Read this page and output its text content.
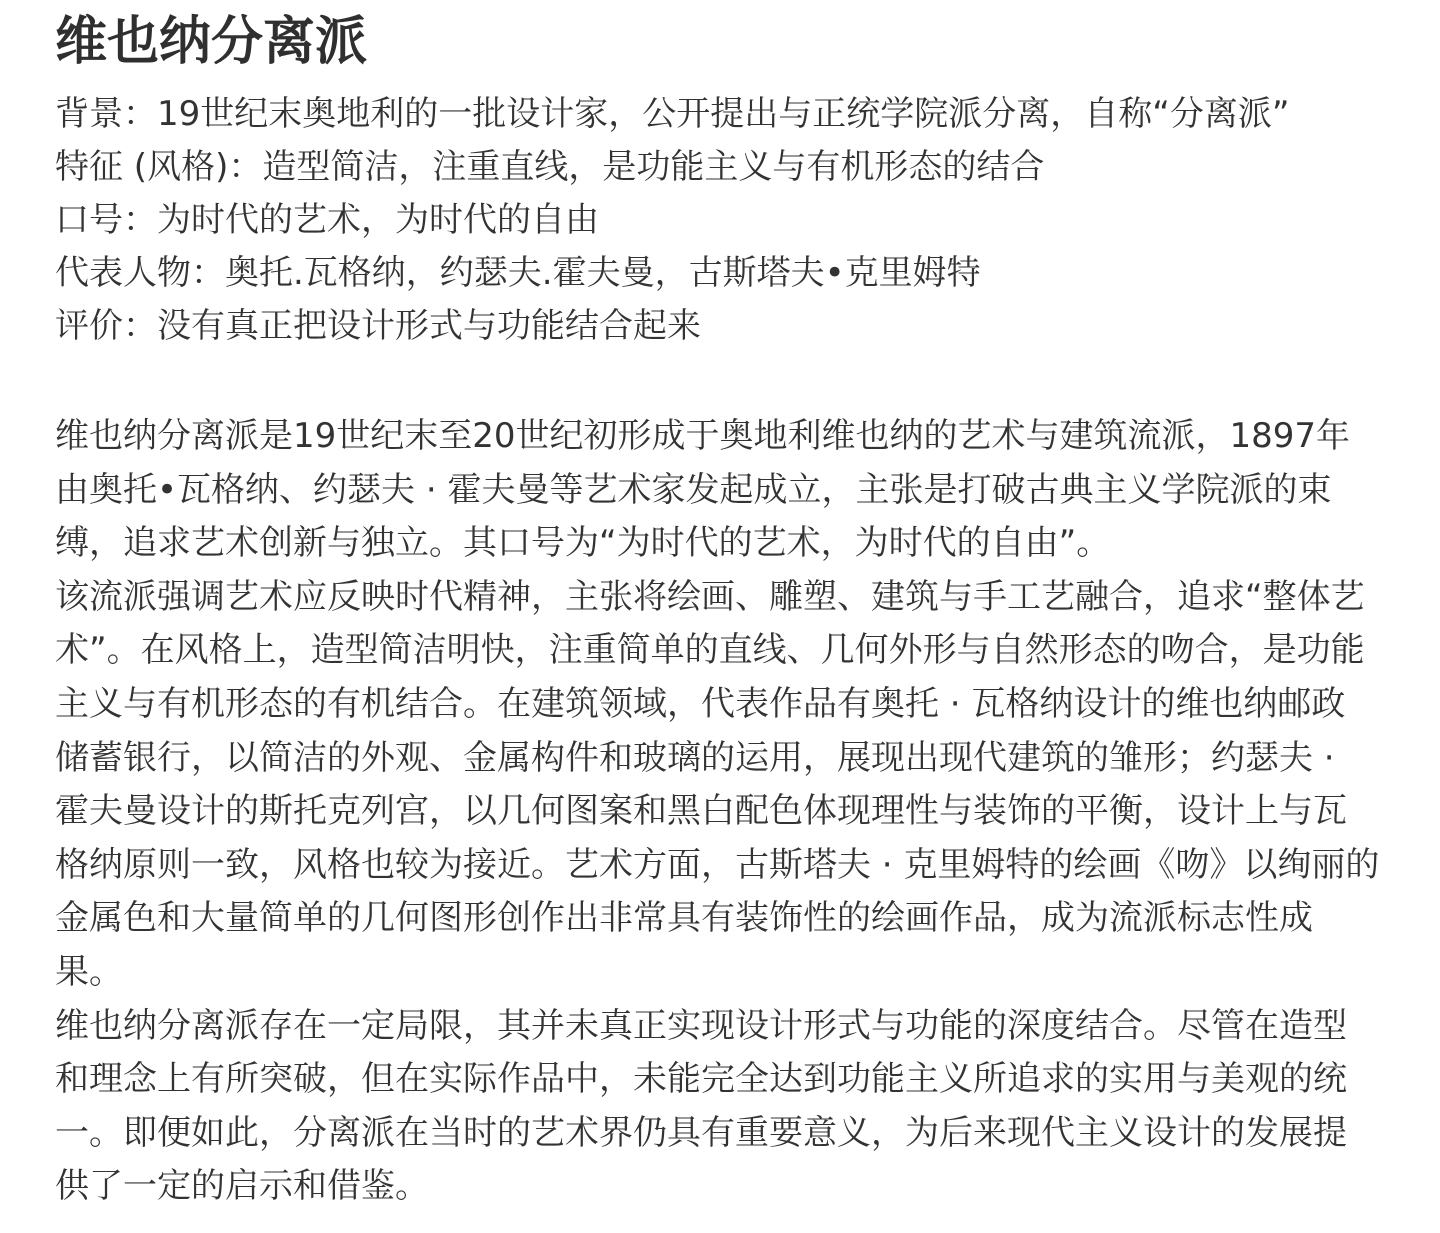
维也纳分离派
背景：19世纪末奥地利的一批设计家，公开提出与正统学院派分离，自称“分离派”
特征 (风格)：造型简洁，注重直线，是功能主义与有机形态的结合
口号：为时代的艺术，为时代的自由
代表人物：奥托.瓦格纳，约瑟夫.霍夫曼，古斯塔夫•克里姆特
评价：没有真正把设计形式与功能结合起来

维也纳分离派是19世纪末至20世纪初形成于奥地利维也纳的艺术与建筑流派，1897年
由奥托•瓦格纳、约瑟夫 · 霍夫曼等艺术家发起成立，主张是打破古典主义学院派的束
缚，追求艺术创新与独立。其口号为“为时代的艺术，为时代的自由”。

该流派强调艺术应反映时代精神，主张将绘画、雕塑、建筑与手工艺融合，追求“整体艺
术”。在风格上，造型简洁明快，注重简单的直线、几何外形与自然形态的吻合，是功能
主义与有机形态的有机结合。在建筑领域，代表作品有奥托 · 瓦格纳设计的维也纳邮政
储蓄银行，以简洁的外观、金属构件和玻璃的运用，展现出现代建筑的雏形；约瑟夫 ·
霍夫曼设计的斯托克列宫，以几何图案和黑白配色体现理性与装饰的平衡，设计上与瓦
格纳原则一致，风格也较为接近。艺术方面，古斯塔夫 · 克里姆特的绘画《吻》以绚丽的
金属色和大量简单的几何图形创作出非常具有装饰性的绘画作品，成为流派标志性成
果。

维也纳分离派存在一定局限，其并未真正实现设计形式与功能的深度结合。尽管在造型
和理念上有所突破，但在实际作品中，未能完全达到功能主义所追求的实用与美观的统
一。即便如此，分离派在当时的艺术界仍具有重要意义，为后来现代主义设计的发展提
供了一定的启示和借鉴。
